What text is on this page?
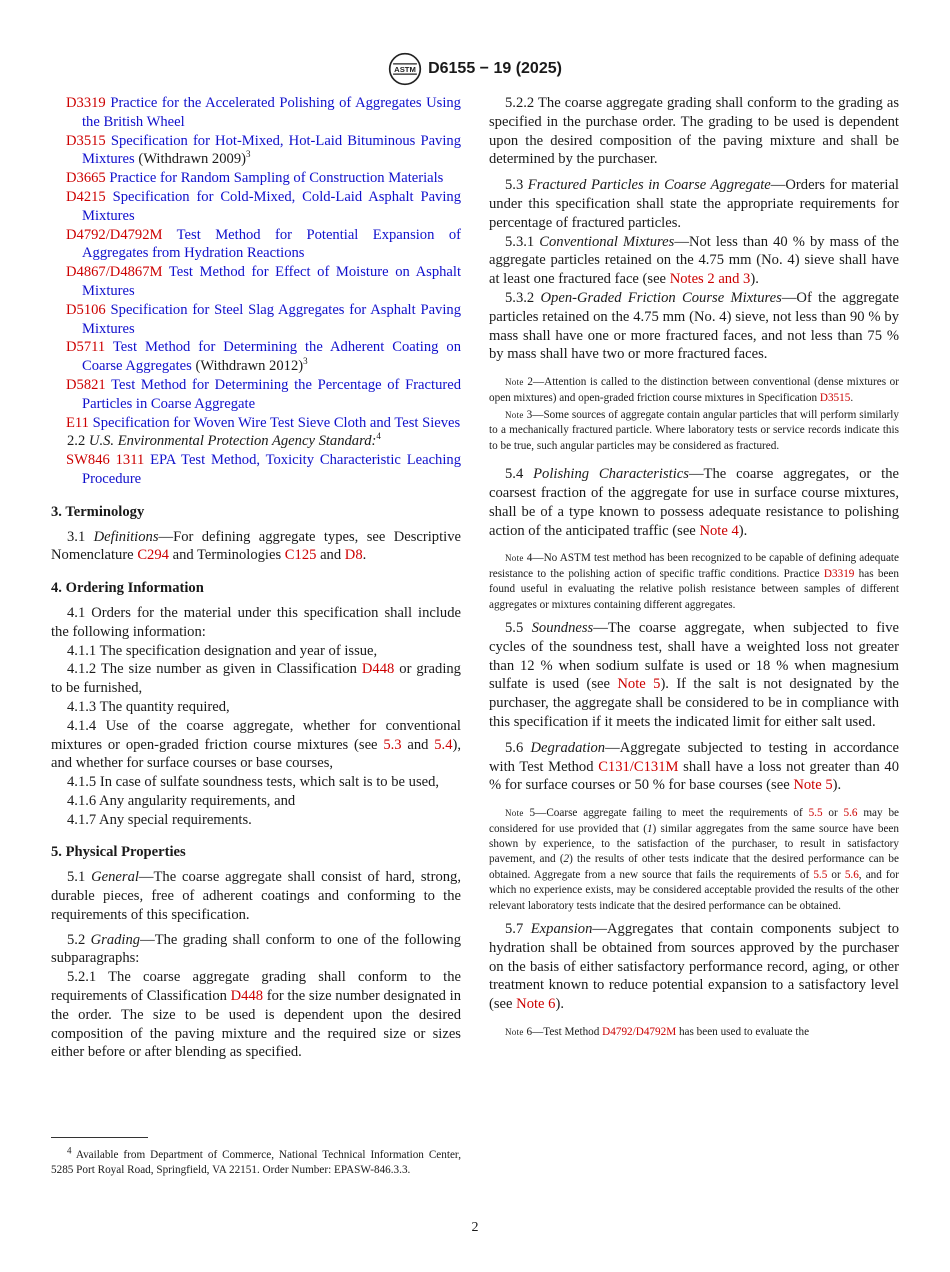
ASTM D6155 − 19 (2025)

D3319 Practice for the Accelerated Polishing of Aggregates Using the British Wheel

D3515 Specification for Hot-Mixed, Hot-Laid Bituminous Paving Mixtures (Withdrawn 2009)$^3$

D3665 Practice for Random Sampling of Construction Materials

D4215 Specification for Cold-Mixed, Cold-Laid Asphalt Paving Mixtures

D4792/D4792M Test Method for Potential Expansion of Aggregates from Hydration Reactions

D4867/D4867M Test Method for Effect of Moisture on Asphalt Mixtures

D5106 Specification for Steel Slag Aggregates for Asphalt Paving Mixtures

D5711 Test Method for Determining the Adherent Coating on Coarse Aggregates (Withdrawn 2012)$^3$

D5821 Test Method for Determining the Percentage of Fractured Particles in Coarse Aggregate

E11 Specification for Woven Wire Test Sieve Cloth and Test Sieves

2.2 U.S. Environmental Protection Agency Standard:$^4$

SW846 1311 EPA Test Method, Toxicity Characteristic Leaching Procedure

3. Terminology

3.1 Definitions—For defining aggregate types, see Descriptive Nomenclature C294 and Terminologies C125 and D8.

4. Ordering Information

4.1 Orders for the material under this specification shall include the following information:

4.1.1 The specification designation and year of issue,

4.1.2 The size number as given in Classification D448 or grading to be furnished,

4.1.3 The quantity required,

4.1.4 Use of the coarse aggregate, whether for conventional mixtures or open-graded friction course mixtures (see 5.3 and 5.4), and whether for surface courses or base courses,

4.1.5 In case of sulfate soundness tests, which salt is to be used,

4.1.6 Any angularity requirements, and

4.1.7 Any special requirements.

5. Physical Properties

5.1 General—The coarse aggregate shall consist of hard, strong, durable pieces, free of adherent coatings and conforming to the requirements of this specification.

5.2 Grading—The grading shall conform to one of the following subparagraphs:

5.2.1 The coarse aggregate grading shall conform to the requirements of Classification D448 for the size number designated in the order. The size to be used is dependent upon the desired composition of the paving mixture and the required size or sizes either before or after blending as specified.

$^4$ Available from Department of Commerce, National Technical Information Center, 5285 Port Royal Road, Springfield, VA 22151. Order Number: EPASW-846.3.3.

5.2.2 The coarse aggregate grading shall conform to the grading as specified in the purchase order. The grading to be used is dependent upon the desired composition of the paving mixture and shall be determined by the purchaser.

5.3 Fractured Particles in Coarse Aggregate—Orders for material under this specification shall state the appropriate requirements for percentage of fractured particles.

5.3.1 Conventional Mixtures—Not less than 40 % by mass of the aggregate particles retained on the 4.75 mm (No. 4) sieve shall have at least one fractured face (see Notes 2 and 3).

5.3.2 Open-Graded Friction Course Mixtures—Of the aggregate particles retained on the 4.75 mm (No. 4) sieve, not less than 90 % by mass shall have one or more fractured faces, and not less than 75 % by mass shall have two or more fractured faces.

Note 2—Attention is called to the distinction between conventional (dense mixtures or open mixtures) and open-graded friction course mixtures in Specification D3515.

Note 3—Some sources of aggregate contain angular particles that will perform similarly to a mechanically fractured particle. Where laboratory tests or service records indicate this to be true, such angular particles may be considered as fractured.

5.4 Polishing Characteristics—The coarse aggregates, or the coarsest fraction of the aggregate for use in surface course mixtures, shall be of a type known to possess adequate resistance to polishing action of the anticipated traffic (see Note 4).

Note 4—No ASTM test method has been recognized to be capable of defining adequate resistance to the polishing action of specific traffic conditions. Practice D3319 has been found useful in evaluating the relative polish resistance between samples of different aggregates or mixtures containing different aggregates.

5.5 Soundness—The coarse aggregate, when subjected to five cycles of the soundness test, shall have a weighted loss not greater than 12 % when sodium sulfate is used or 18 % when magnesium sulfate is used (see Note 5). If the salt is not designated by the purchaser, the aggregate shall be considered to be in compliance with this specification if it meets the indicated limit for either salt used.

5.6 Degradation—Aggregate subjected to testing in accordance with Test Method C131/C131M shall have a loss not greater than 40 % for surface courses or 50 % for base courses (see Note 5).

Note 5—Coarse aggregate failing to meet the requirements of 5.5 or 5.6 may be considered for use provided that (1) similar aggregates from the same source have been shown by experience, to the satisfaction of the purchaser, to result in satisfactory pavement, and (2) the results of other tests indicate that the desired performance can be obtained. Aggregate from a new source that fails the requirements of 5.5 or 5.6, and for which no experience exists, may be considered acceptable provided the results of the other relevant laboratory tests indicate that the desired performance can be obtained.

5.7 Expansion—Aggregates that contain components subject to hydration shall be obtained from sources approved by the purchaser on the basis of either satisfactory performance record, aging, or other treatment known to reduce potential expansion to a satisfactory level (see Note 6).

Note 6—Test Method D4792/D4792M has been used to evaluate the

2
